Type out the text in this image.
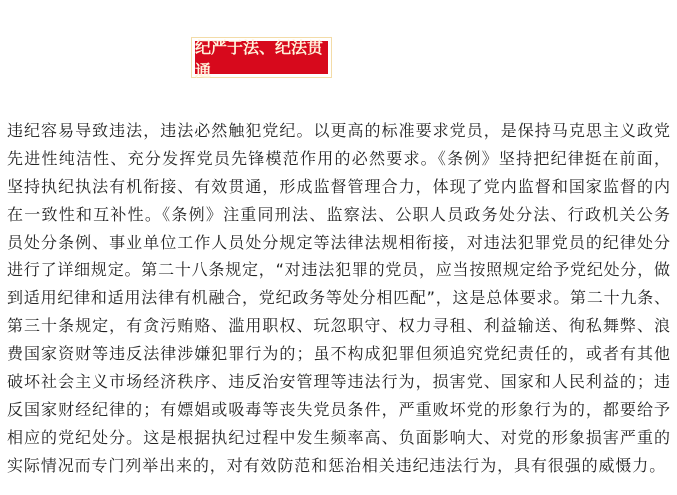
纪严于法、纪法贯通
违纪容易导致违法，违法必然触犯党纪。以更高的标准要求党员，是保持马克思主义政党
先进性纯洁性、充分发挥党员先锋模范作用的必然要求。《条例》坚持把纪律挺在前面，
坚持执纪执法有机衔接、有效贯通，形成监督管理合力，体现了党内监督和国家监督的内
在一致性和互补性。《条例》注重同刑法、监察法、公职人员政务处分法、行政机关公务
员处分条例、事业单位工作人员处分规定等法律法规相衔接，对违法犯罪党员的纪律处分
进行了详细规定。第二十八条规定，“对违法犯罪的党员，应当按照规定给予党纪处分，做
到适用纪律和适用法律有机融合，党纪政务等处分相匹配”，这是总体要求。第二十九条、
第三十条规定，有贪污贿赂、滥用职权、玩忽职守、权力寻租、利益输送、徇私舞弊、浪
费国家资财等违反法律涉嫌犯罪行为的；虽不构成犯罪但须追究党纪责任的，或者有其他
破坏社会主义市场经济秩序、违反治安管理等违法行为，损害党、国家和人民利益的；违
反国家财经纪律的；有嫖娼或吸毒等丧失党员条件，严重败坏党的形象行为的，都要给予
相应的党纪处分。这是根据执纪过程中发生频率高、负面影响大、对党的形象损害严重的
实际情况而专门列举出来的，对有效防范和惩治相关违纪违法行为，具有很强的威慑力。
